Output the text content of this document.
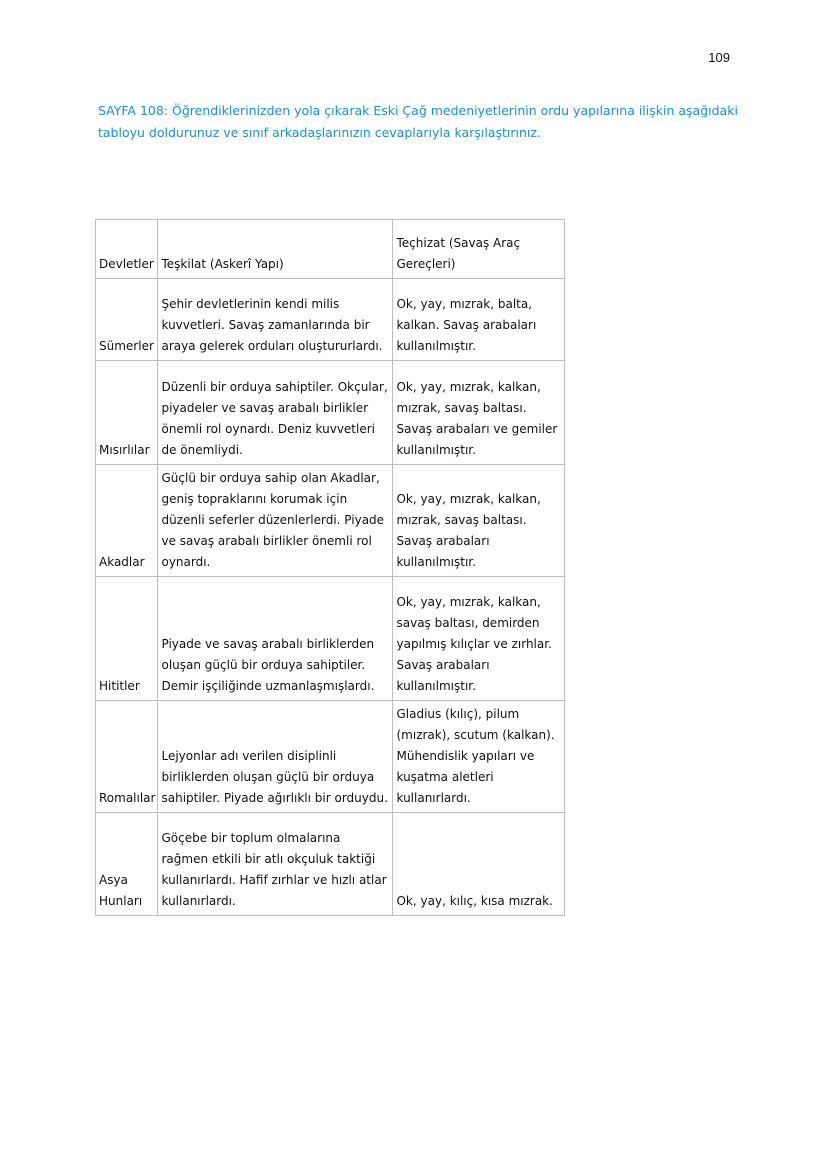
109
SAYFA 108: Öğrendiklerinizden yola çıkarak Eski Çağ medeniyetlerinin ordu yapılarına ilişkin aşağıdaki tabloyu doldurunuz ve sınıf arkadaşlarınızın cevaplarıyla karşılaştırınız.
Devletler	Teşkilat (Askerî Yapı)	Teçhizat (Savaş Araç Gereçleri)
Sümerler	Şehir devletlerinin kendi milis kuvvetleri. Savaş zamanlarında bir araya gelerek orduları oluştururlardı.	Ok, yay, mızrak, balta, kalkan. Savaş arabaları kullanılmıştır.
Mısırlılar	Düzenli bir orduya sahiptiler. Okçular, piyadeler ve savaş arabalı birlikler önemli rol oynardı. Deniz kuvvetleri de önemliydi.	Ok, yay, mızrak, kalkan, mızrak, savaş baltası. Savaş arabaları ve gemiler kullanılmıştır.
Akadlar	Güçlü bir orduya sahip olan Akadlar, geniş topraklarını korumak için düzenli seferler düzenlerlerdi. Piyade ve savaş arabalı birlikler önemli rol oynardı.	Ok, yay, mızrak, kalkan, mızrak, savaş baltası. Savaş arabaları kullanılmıştır.
Hititler	Piyade ve savaş arabalı birliklerden oluşan güçlü bir orduya sahiptiler. Demir işçiliğinde uzmanlaşmışlardı.	Ok, yay, mızrak, kalkan, savaş baltası, demirden yapılmış kılıçlar ve zırhlar. Savaş arabaları kullanılmıştır.
Romalılar	Lejyonlar adı verilen disiplinli birliklerden oluşan güçlü bir orduya sahiptiler. Piyade ağırlıklı bir orduydu.	Gladius (kılıç), pilum (mızrak), scutum (kalkan). Mühendislik yapıları ve kuşatma aletleri kullanırlardı.
Asya Hunları	Göçebe bir toplum olmalarına rağmen etkili bir atlı okçuluk taktiği kullanırlardı. Hafif zırhlar ve hızlı atlar kullanırlardı.	Ok, yay, kılıç, kısa mızrak.
